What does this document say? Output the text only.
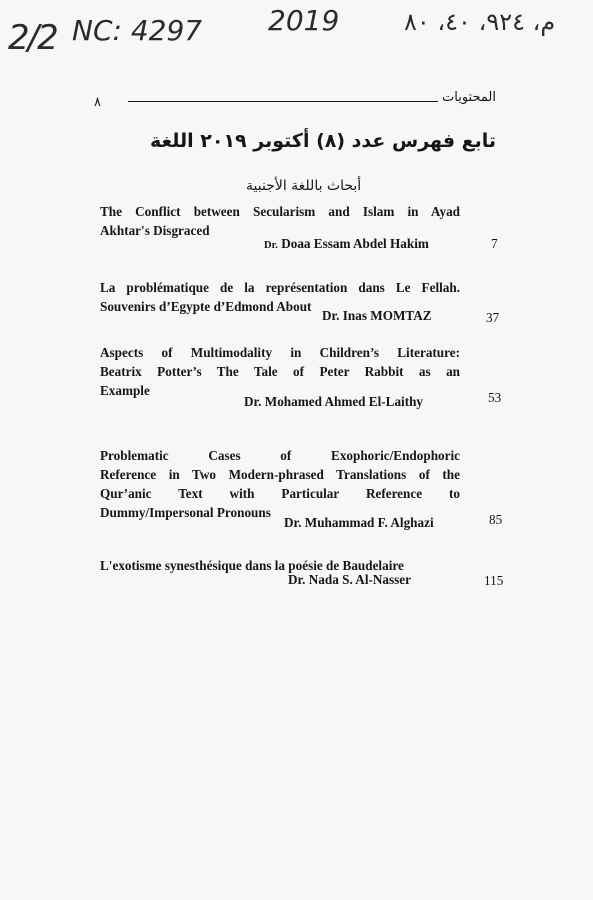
2/2 NC: 4297 2019	م، ٩٢٤، ٤٠، ٨٠
٨	المحتويات
تابع فهرس عدد (٨) أكتوبر ٢٠١٩ اللغة
أبحاث باللغة الأجنبية
The Conflict between Secularism and Islam in Ayad
Akhtar's Disgraced
Dr. Doaa Essam Abdel Hakim	7
La problématique de la représentation dans Le Fellah.
Souvenirs d’Egypte d’Edmond About
Dr. Inas MOMTAZ	37
Aspects of Multimodality in Children’s Literature:
Beatrix Potter’s The Tale of Peter Rabbit as an
Example
Dr. Mohamed Ahmed El-Laithy	53
Problematic Cases of Exophoric/Endophoric
Reference in Two Modern-phrased Translations of the
Qur’anic Text with Particular Reference to
Dummy/Impersonal Pronouns
Dr. Muhammad F. Alghazi	85
L'exotisme synesthésique dans la poésie de Baudelaire
Dr. Nada S. Al-Nasser	115
